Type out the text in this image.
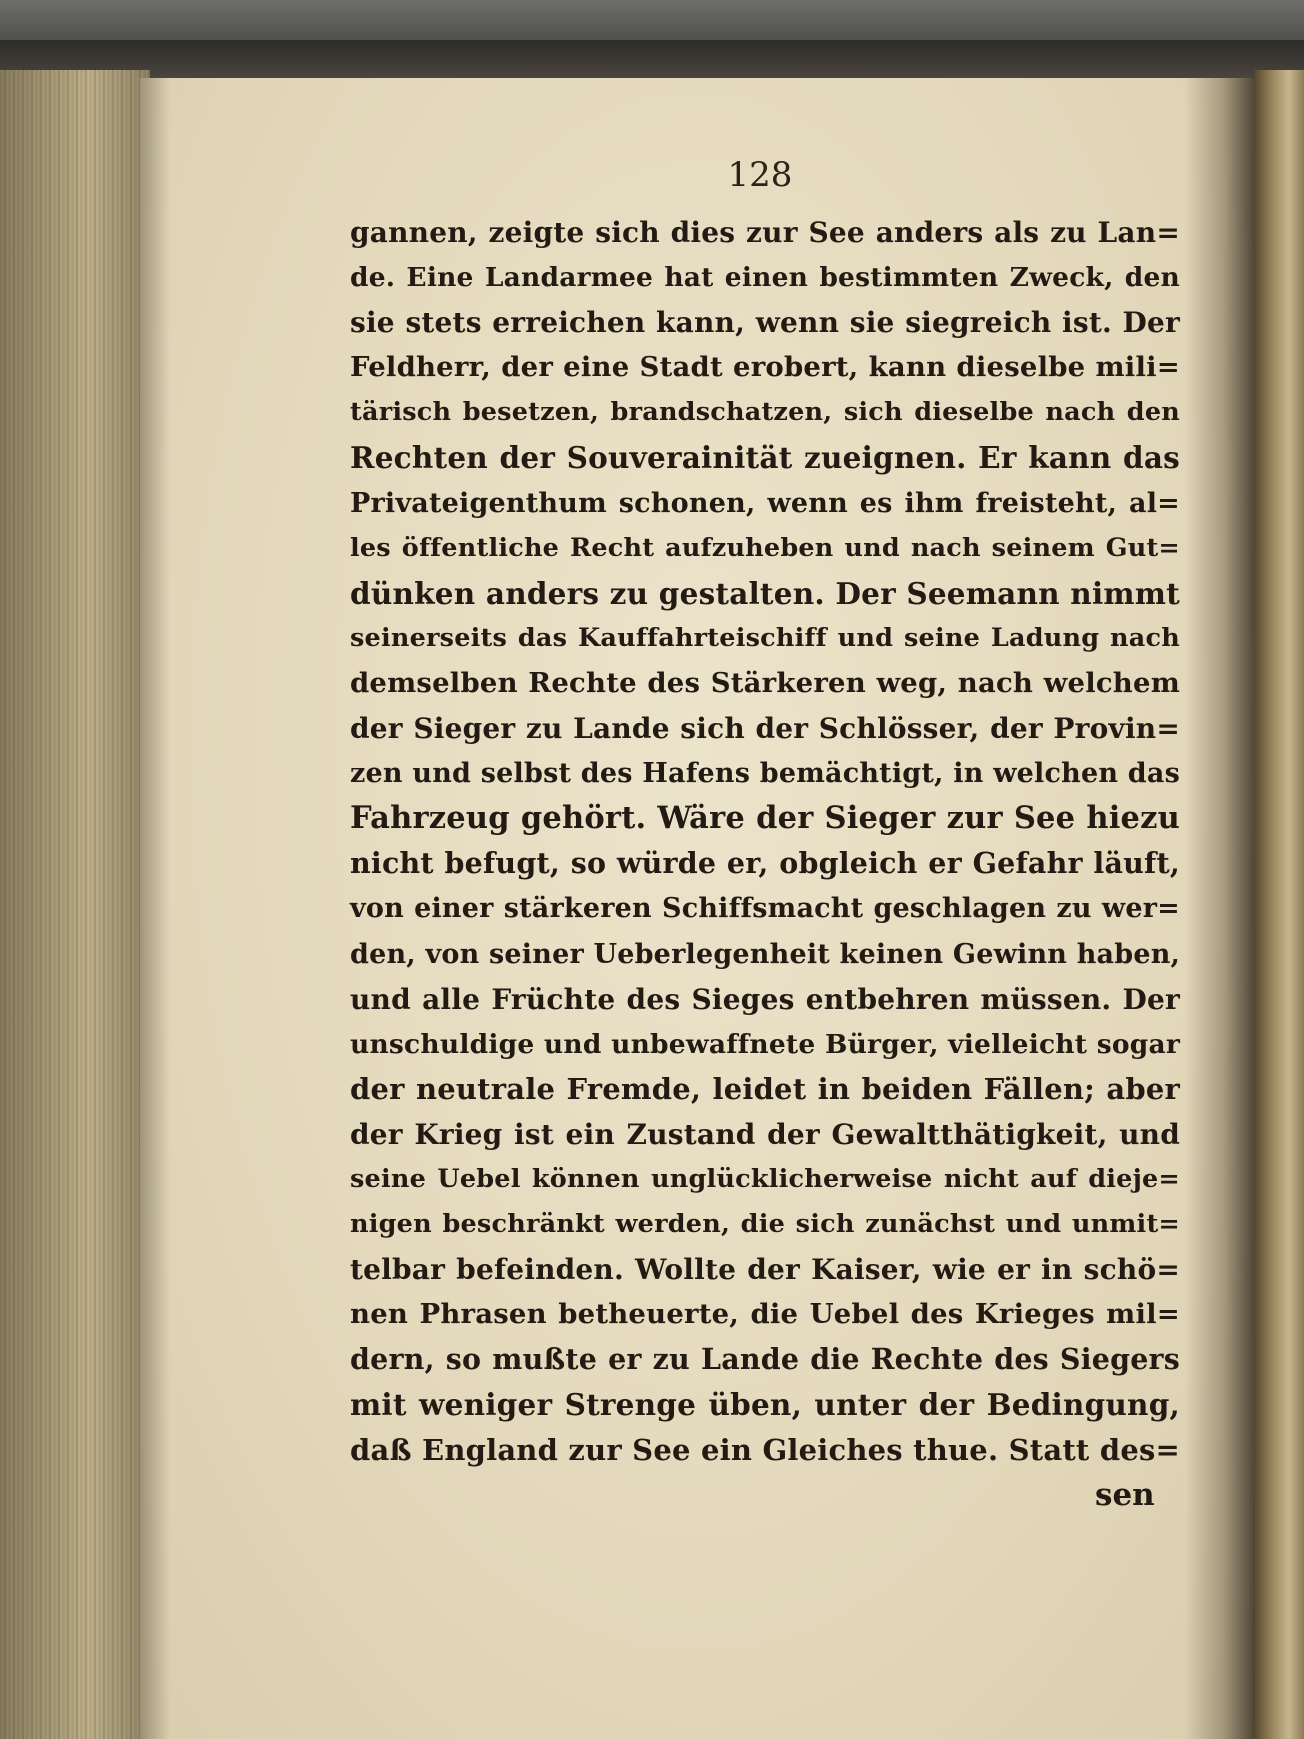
128
gannen, zeigte sich dies zur See anders als zu Lan=
de. Eine Landarmee hat einen bestimmten Zweck, den
sie stets erreichen kann, wenn sie siegreich ist. Der
Feldherr, der eine Stadt erobert, kann dieselbe mili=
tärisch besetzen, brandschatzen, sich dieselbe nach den
Rechten der Souverainität zueignen. Er kann das
Privateigenthum schonen, wenn es ihm freisteht, al=
les öffentliche Recht aufzuheben und nach seinem Gut=
dünken anders zu gestalten. Der Seemann nimmt
seinerseits das Kauffahrteischiff und seine Ladung nach
demselben Rechte des Stärkeren weg, nach welchem
der Sieger zu Lande sich der Schlösser, der Provin=
zen und selbst des Hafens bemächtigt, in welchen das
Fahrzeug gehört. Wäre der Sieger zur See hiezu
nicht befugt, so würde er, obgleich er Gefahr läuft,
von einer stärkeren Schiffsmacht geschlagen zu wer=
den, von seiner Ueberlegenheit keinen Gewinn haben,
und alle Früchte des Sieges entbehren müssen. Der
unschuldige und unbewaffnete Bürger, vielleicht sogar
der neutrale Fremde, leidet in beiden Fällen; aber
der Krieg ist ein Zustand der Gewaltthätigkeit, und
seine Uebel können unglücklicherweise nicht auf dieje=
nigen beschränkt werden, die sich zunächst und unmit=
telbar befeinden. Wollte der Kaiser, wie er in schö=
nen Phrasen betheuerte, die Uebel des Krieges mil=
dern, so mußte er zu Lande die Rechte des Siegers
mit weniger Strenge üben, unter der Bedingung,
daß England zur See ein Gleiches thue. Statt des=
sen
